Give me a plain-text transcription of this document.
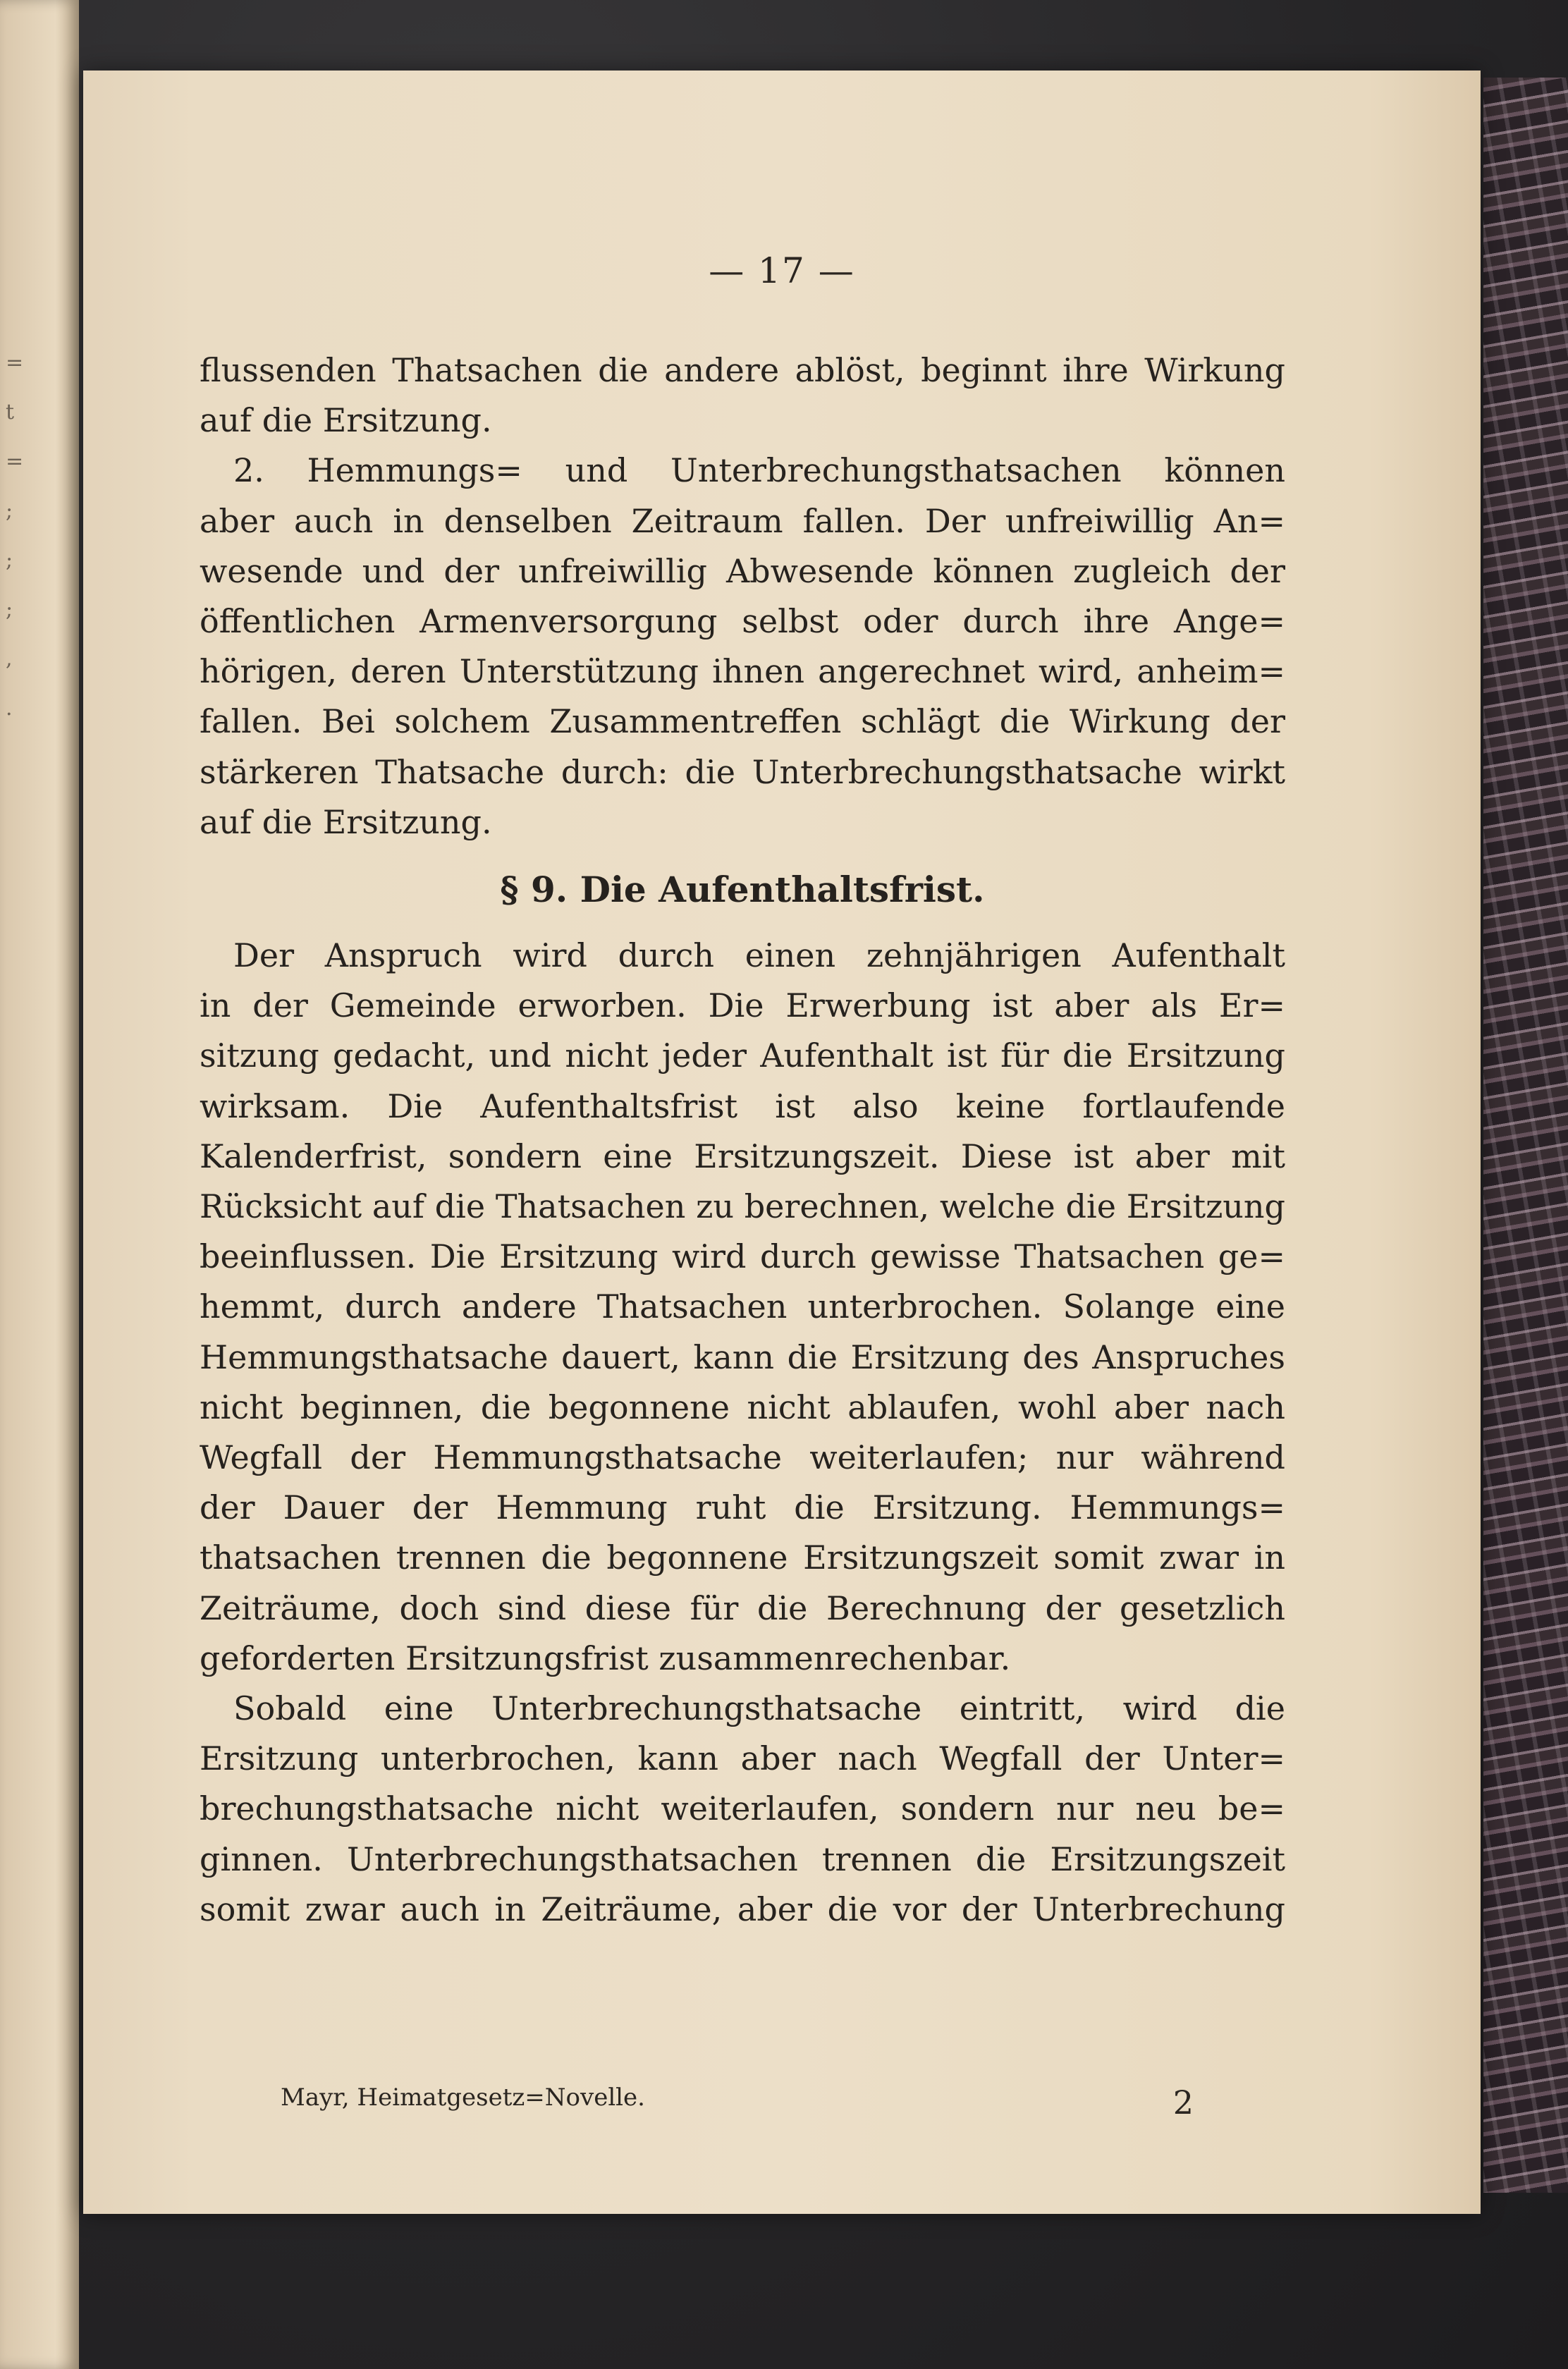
= t = ; ; ; , .
— 17 —
flussenden Thatsachen die andere ablöst, beginnt ihre Wirkung
auf die Ersitzung.
2. Hemmungs= und Unterbrechungsthatsachen können
aber auch in denselben Zeitraum fallen. Der unfreiwillig An=
wesende und der unfreiwillig Abwesende können zugleich der
öffentlichen Armenversorgung selbst oder durch ihre Ange=
hörigen, deren Unterstützung ihnen angerechnet wird, anheim=
fallen. Bei solchem Zusammentreffen schlägt die Wirkung der
stärkeren Thatsache durch: die Unterbrechungsthatsache wirkt
auf die Ersitzung.
§ 9. Die Aufenthaltsfrist.
Der Anspruch wird durch einen zehnjährigen Aufenthalt
in der Gemeinde erworben. Die Erwerbung ist aber als Er=
sitzung gedacht, und nicht jeder Aufenthalt ist für die Ersitzung
wirksam. Die Aufenthaltsfrist ist also keine fortlaufende
Kalenderfrist, sondern eine Ersitzungszeit. Diese ist aber mit
Rücksicht auf die Thatsachen zu berechnen, welche die Ersitzung
beeinflussen. Die Ersitzung wird durch gewisse Thatsachen ge=
hemmt, durch andere Thatsachen unterbrochen. Solange eine
Hemmungsthatsache dauert, kann die Ersitzung des Anspruches
nicht beginnen, die begonnene nicht ablaufen, wohl aber nach
Wegfall der Hemmungsthatsache weiterlaufen; nur während
der Dauer der Hemmung ruht die Ersitzung. Hemmungs=
thatsachen trennen die begonnene Ersitzungszeit somit zwar in
Zeiträume, doch sind diese für die Berechnung der gesetzlich
geforderten Ersitzungsfrist zusammenrechenbar.
Sobald eine Unterbrechungsthatsache eintritt, wird die
Ersitzung unterbrochen, kann aber nach Wegfall der Unter=
brechungsthatsache nicht weiterlaufen, sondern nur neu be=
ginnen. Unterbrechungsthatsachen trennen die Ersitzungszeit
somit zwar auch in Zeiträume, aber die vor der Unterbrechung
Mayr, Heimatgesetz=Novelle.	2
